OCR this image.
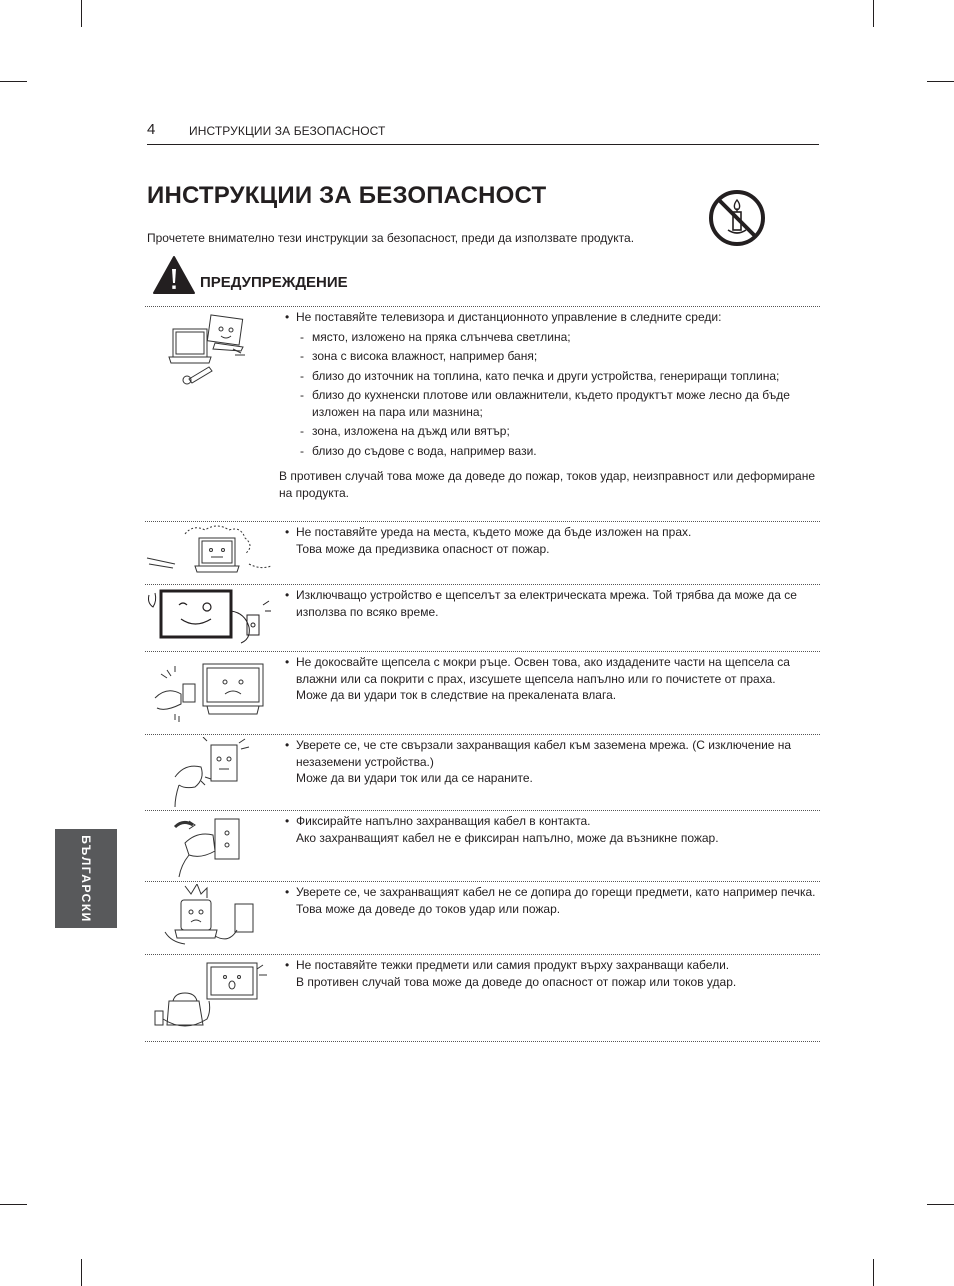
4	ИНСТРУКЦИИ ЗА БЕЗОПАСНОСТ
ИНСТРУКЦИИ ЗА БЕЗОПАСНОСТ
Прочетете внимателно тези инструкции за безопасност, преди да използвате продукта.
ПРЕДУПРЕЖДЕНИЕ
• Не поставяйте телевизора и дистанционното управление в следните среди:
- място, изложено на пряка слънчева светлина;
- зона с висока влажност, например баня;
- близо до източник на топлина, като печка и други устройства, генериращи топлина;
- близо до кухненски плотове или овлажнители, където продуктът може лесно да бъде изложен на пара или мазнина;
- зона, изложена на дъжд или вятър;
- близо до съдове с вода, например вази.
В противен случай това може да доведе до пожар, токов удар, неизправност или деформиране на продукта.
• Не поставяйте уреда на места, където може да бъде изложен на прах.
Това може да предизвика опасност от пожар.
• Изключващо устройство е щепселът за електрическата мрежа. Той трябва да може да се използва по всяко време.
• Не докосвайте щепсела с мокри ръце. Освен това, ако издадените части на щепсела са влажни или са покрити с прах, изсушете щепсела напълно или го почистете от праха.
Може да ви удари ток в следствие на прекалената влага.
• Уверете се, че сте свързали захранващия кабел към заземена мрежа. (С изключение на незаземени устройства.)
Може да ви удари ток или да се нараните.
• Фиксирайте напълно захранващия кабел в контакта.
Ако захранващият кабел не е фиксиран напълно, може да възникне пожар.
• Уверете се, че захранващият кабел не се допира до горещи предмети, като например печка.
Това може да доведе до токов удар или пожар.
• Не поставяйте тежки предмети или самия продукт върху захранващи кабели.
В противен случай това може да доведе до опасност от пожар или токов удар.
БЪЛГАРСКИ
